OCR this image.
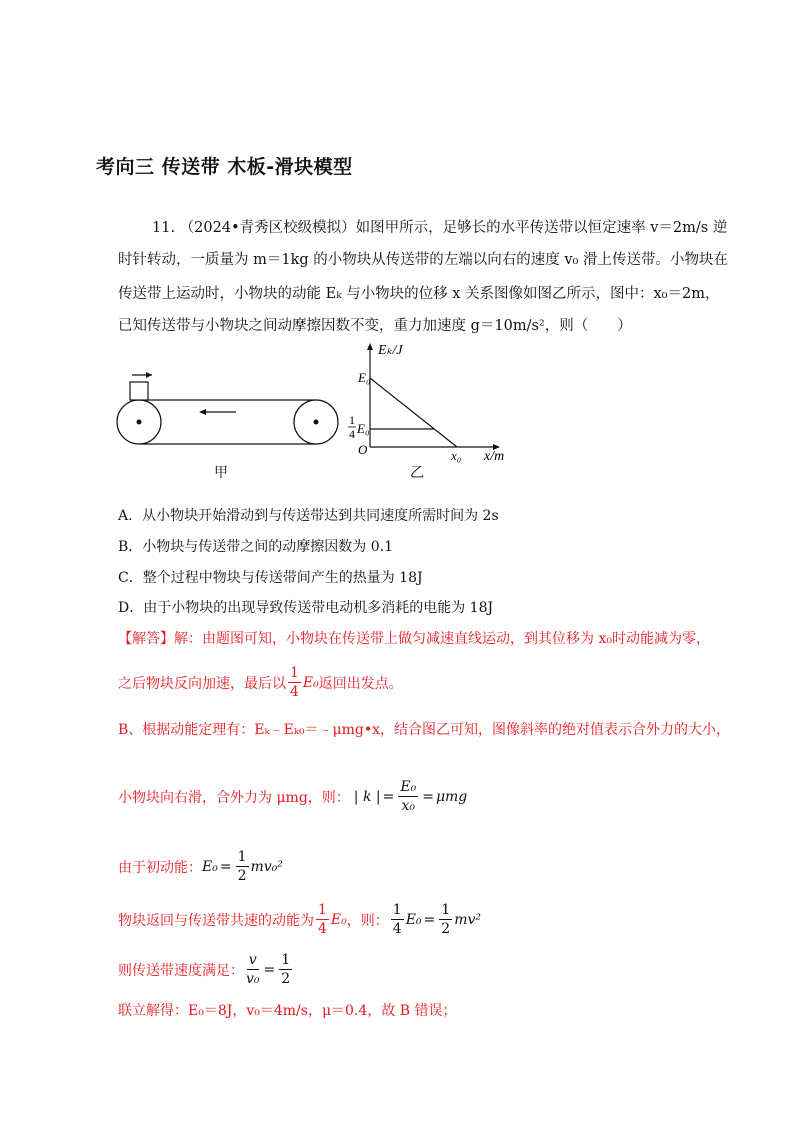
考向三 传送带 木板-滑块模型
11. （2024•青秀区校级模拟）如图甲所示，足够长的水平传送带以恒定速率 v＝2m/s 逆
时针转动，一质量为 m＝1kg 的小物块从传送带的左端以向右的速度 v₀ 滑上传送带。小物块在
传送带上运动时，小物块的动能 Eₖ 与小物块的位移 x 关系图像如图乙所示，图中：x₀＝2m，
已知传送带与小物块之间动摩擦因数不变，重力加速度 g＝10m/s²，则（　　）
甲
Eₖ/J
E₀
1
4 E₀
O	x₀ x/m
乙
A．从小物块开始滑动到与传送带达到共同速度所需时间为 2s
B．小物块与传送带之间的动摩擦因数为 0.1
C．整个过程中物块与传送带间产生的热量为 18J
D．由于小物块的出现导致传送带电动机多消耗的电能为 18J
【解答】解：由题图可知，小物块在传送带上做匀减速直线运动，到其位移为 x₀时动能减为零，
之后物块反向加速，最后以 $\frac{1}{4} E_0$ 返回出发点。
B、根据动能定理有：Eₖ﹣Eₖ₀＝﹣μmg•x，结合图乙可知，图像斜率的绝对值表示合外力的大小，
小物块向右滑，合外力为 μmg，则： | k | = $\frac{\text{E₀}}{\text{x₀}} = \mu mg$
由于初动能： $E_0 = \frac{1}{2} mv_0^2$
物块返回与传送带共速的动能为 $\frac{1}{4} E_0$ ，则： $\frac{1}{4} E_0 = \frac{1}{2} mv^2$
则传送带速度满足： $\frac{v}{\text{v₀}} = \frac{1}{2}$
联立解得：E₀＝8J，v₀＝4m/s，μ＝0.4，故 B 错误；
